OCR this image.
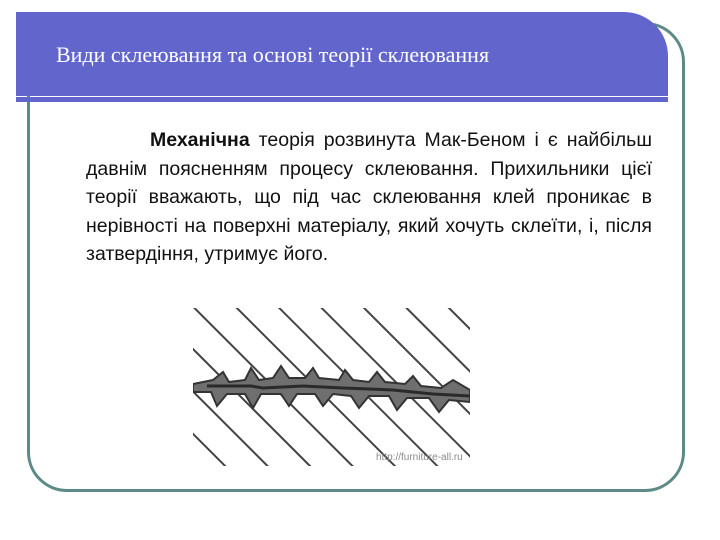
Види склеювання та основі теорії склеювання
Механічна теорія розвинута Мак-Беном і є найбільш давнім поясненням процесу склеювання. Прихильники цієї теорії вважають, що під час склеювання клей проникає в нерівності на поверхні матеріалу, який хочуть склеїти, і, після затвердіння, утримує його.
http://furniture-all.ru
